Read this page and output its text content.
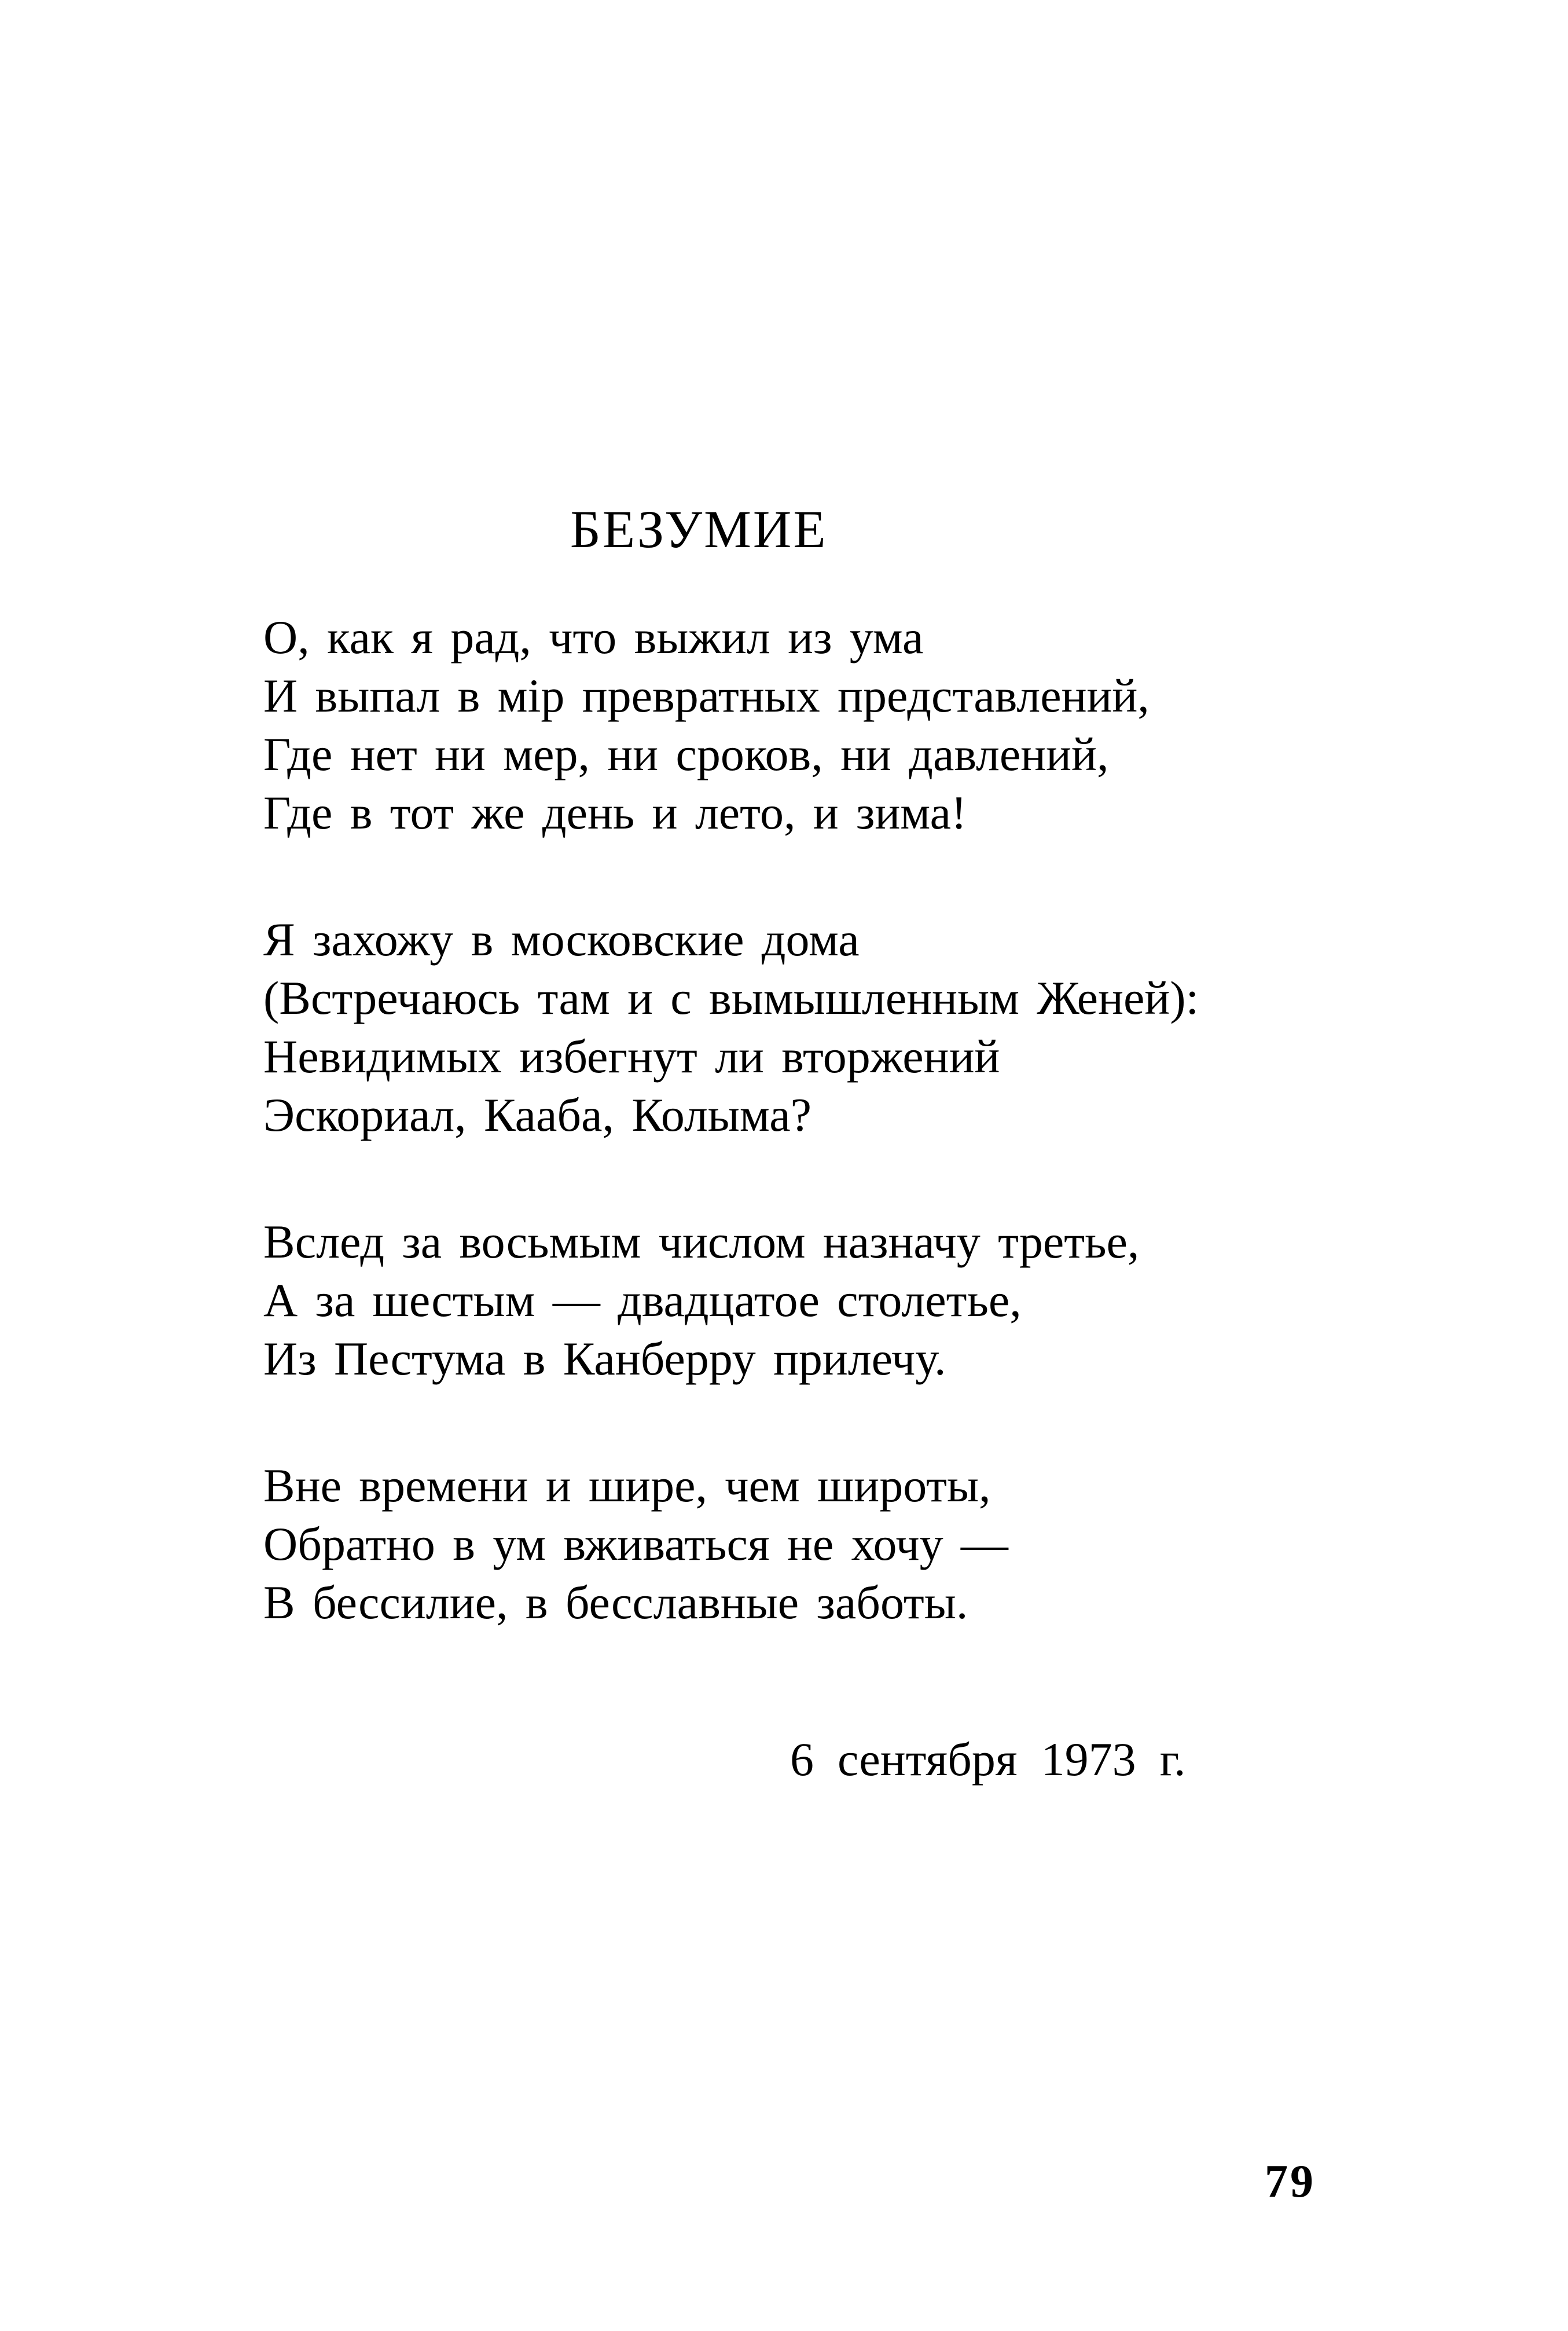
БЕЗУМИЕ
О, как я рад, что выжил из ума
И выпал в мір превратных представлений,
Где нет ни мер, ни сроков, ни давлений,
Где в тот же день и лето, и зима!
Я захожу в московские дома
(Встречаюсь там и с вымышленным Женей):
Невидимых избегнут ли вторжений
Эскориал, Кааба, Колыма?
Вслед за восьмым числом назначу третье,
А за шестым — двадцатое столетье,
Из Пестума в Канберру прилечу.
Вне времени и шире, чем широты,
Обратно в ум вживаться не хочу —
В бессилие, в бесславные заботы.
6 сентября 1973 г.
79
